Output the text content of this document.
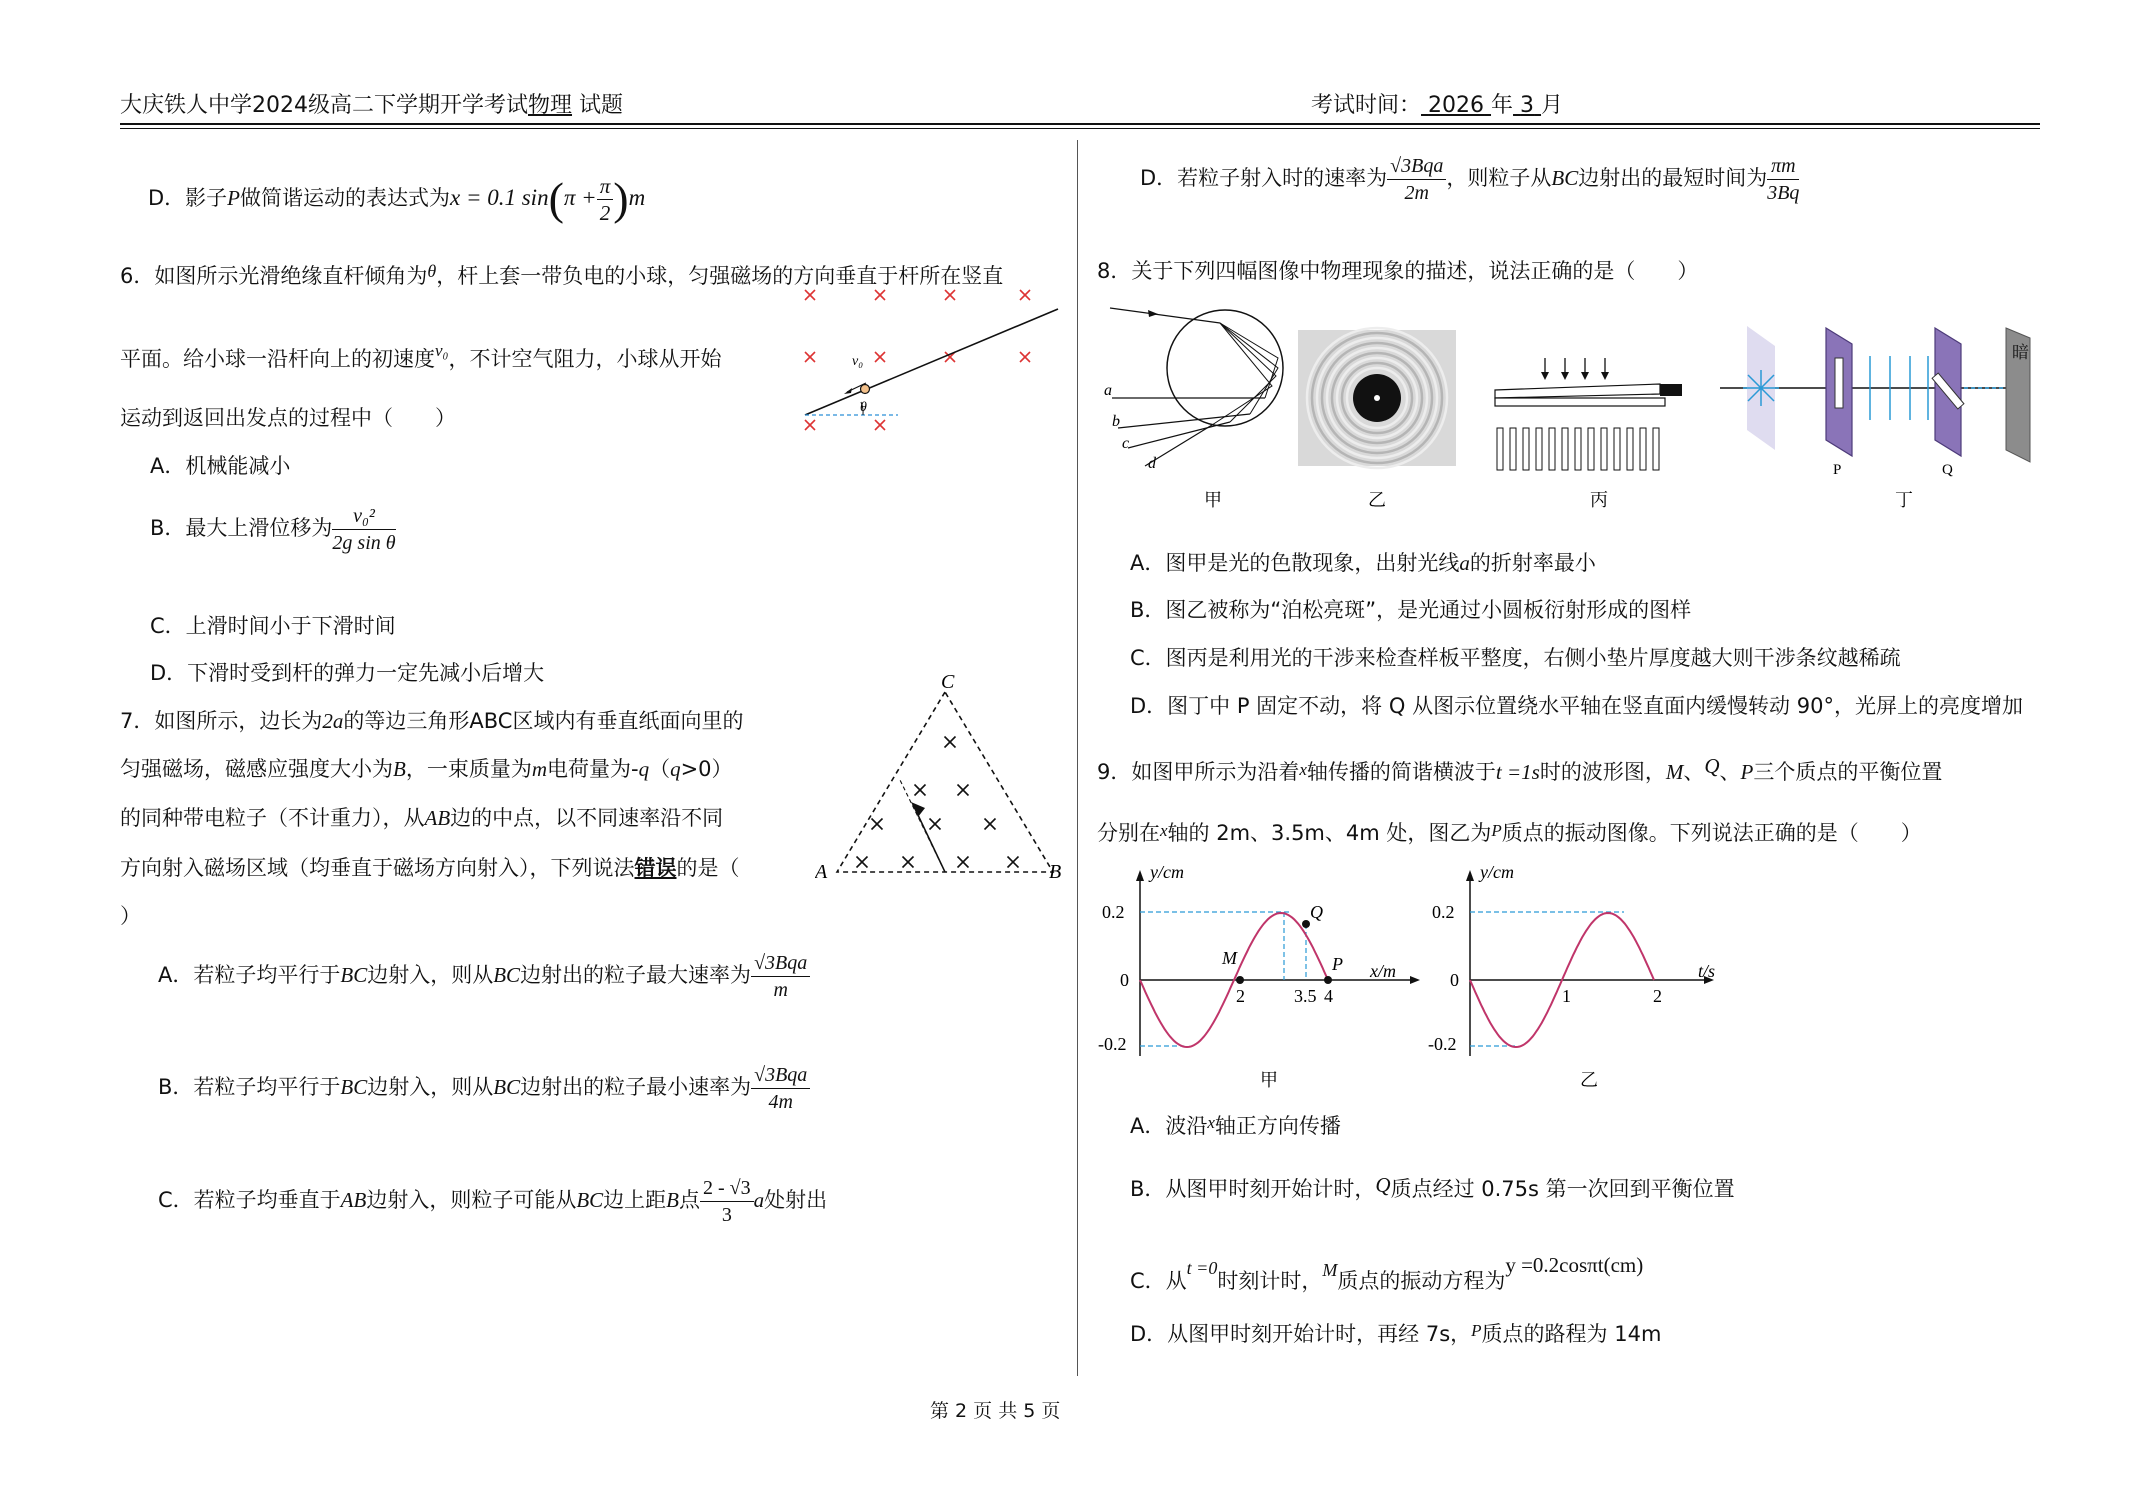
大庆铁人中学2024级高二下学期开学考试物理 试题	考试时间： 2026 年 3 月
D．影子P做简谐运动的表达式为x = 0.1 $\sin(\pi + \frac{\pi}{2} )m$
6．如图所示光滑绝缘直杆倾角为θ，杆上套一带负电的小球，匀强磁场的方向垂直于杆所在竖直
平面。给小球一沿杆向上的初速度$^{v_0}$，不计空气阻力，小球从开始
运动到返回出发点的过程中（　　）
A．机械能减小
B．最大上滑位移为 $\frac{\text{v₀²}}{\text{2g sin θ}}$
C．上滑时间小于下滑时间
D．下滑时受到杆的弹力一定先减小后增大
v₀
θ
7．如图所示，边长为2a的等边三角形ABC区域内有垂直纸面向里的
匀强磁场，磁感应强度大小为B，一束质量为m电荷量为-q（q>0）
的同种带电粒子（不计重力），从AB边的中点，以不同速率沿不同
方向射入磁场区域（均垂直于磁场方向射入），下列说法错误的是（
）
A．若粒子均平行于BC边射入，则从BC边射出的粒子最大速率为 $\frac{\text{√3Bqa}}{m}$
B．若粒子均平行于BC边射入，则从BC边射出的粒子最小速率为 $\frac{\text{√3Bqa}}{4m}$
C．若粒子均垂直于AB边射入，则粒子可能从BC边上距B点 $\frac{2 - √3}{3}$ a处射出
C
A	B
D．若粒子射入时的速率为 $\frac{\text{√3Bqa}}{2m}$ ，则粒子从BC边射出的最短时间为 $\frac{\pi m}{3Bq}$
8．关于下列四幅图像中物理现象的描述，说法正确的是（　　）
a
b
c
d
甲	乙	丙
暗
P	Q
丁
A．图甲是光的色散现象，出射光线a的折射率最小
B．图乙被称为“泊松亮斑”，是光通过小圆板衍射形成的图样
C．图丙是利用光的干涉来检查样板平整度，右侧小垫片厚度越大则干涉条纹越稀疏
D．图丁中 P 固定不动，将 Q 从图示位置绕水平轴在竖直面内缓慢转动 90°，光屏上的亮度增加
9．如图甲所示为沿着x轴传播的简谐横波于t =1s时的波形图，M、Q、P三个质点的平衡位置
分别在x轴的 2m、3.5m、4m 处，图乙为P质点的振动图像。下列说法正确的是（　　）
y/cm
x/m
0.2
0
-0.2
M
Q
P
2	3.5 4
甲
y/cm
t/s
0.2
0
-0.2
1	2
乙
A．波沿$^x$轴正方向传播
B．从图甲时刻开始计时，Q质点经过 0.75s 第一次回到平衡位置
C．从t =0时刻计时，M质点的振动方程为y =0.2cosπt(cm)
D．从图甲时刻开始计时，再经 7s，$^P$质点的路程为 14m
第 2 页 共 5 页
